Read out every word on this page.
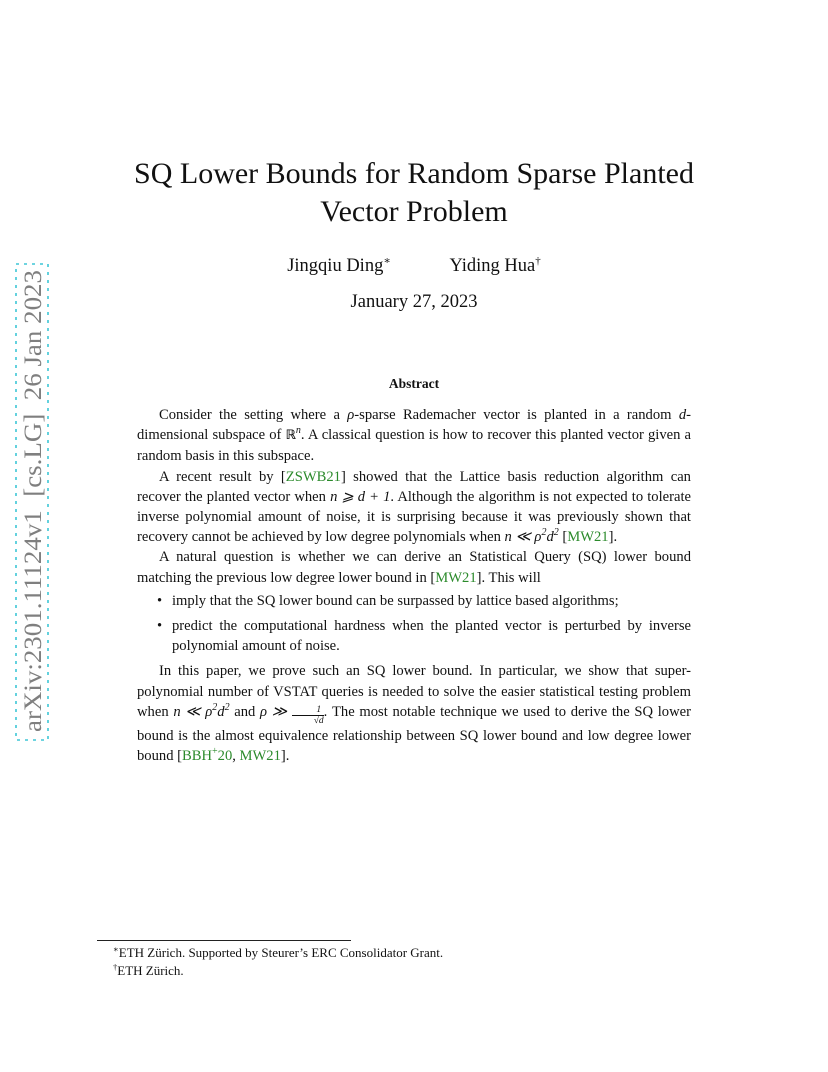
arXiv:2301.11124v1  [cs.LG]  26 Jan 2023
SQ Lower Bounds for Random Sparse Planted
Vector Problem
Jingqiu Ding∗	Yiding Hua†
January 27, 2023
Abstract

Consider the setting where a ρ-sparse Rademacher vector is planted in a random d-dimensional subspace of ℝ$^n$. A classical question is how to recover this planted vector given a random basis in this subspace.

A recent result by [ZSWB21] showed that the Lattice basis reduction algorithm can recover the planted vector when n ⩾ d + 1. Although the algorithm is not expected to tolerate inverse polynomial amount of noise, it is surprising because it was previously shown that recovery cannot be achieved by low degree polynomials when n ≪ $\rho^2d^2$ [MW21].

A natural question is whether we can derive an Statistical Query (SQ) lower bound matching the previous low degree lower bound in [MW21]. This will

• imply that the SQ lower bound can be surpassed by lattice based algorithms;
• predict the computational hardness when the planted vector is perturbed by inverse polynomial amount of noise.

In this paper, we prove such an SQ lower bound. In particular, we show that super-polynomial number of VSTAT queries is needed to solve the easier statistical testing problem when n ≪ $\rho^2d^2$ and ρ ≫ $\frac{1}{√d}$ . The most notable technique we used to derive the SQ lower bound is the almost equivalence relationship between SQ lower bound and low degree lower bound [BBH+20, MW21].

∗ETH Zürich. Supported by Steurer’s ERC Consolidator Grant.
†ETH Zürich.
